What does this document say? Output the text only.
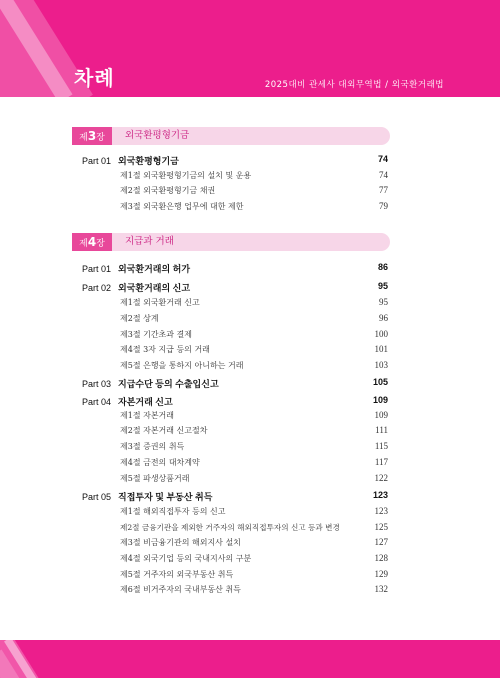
차례	2025대비 관세사 대외무역법 / 외국환거래법
제3장	외국환평형기금
Part 01 외국환평형기금	74
제1절 외국환평형기금의 설치 및 운용	74
제2절 외국환평형기금 채권	77
제3절 외국환은행 업무에 대한 제한	79
제4장	지급과 거래
Part 01 외국환거래의 허가	86
Part 02 외국환거래의 신고	95
제1절 외국환거래 신고	95
제2절 상계	96
제3절 기간초과 결제	100
제4절 3자 지급 등의 거래	101
제5절 은행을 통하지 아니하는 거래	103
Part 03 지급수단 등의 수출입신고	105
Part 04 자본거래 신고	109
제1절 자본거래	109
제2절 자본거래 신고절차	111
제3절 증권의 취득	115
제4절 금전의 대차계약	117
제5절 파생상품거래	122
Part 05 직접투자 및 부동산 취득	123
제1절 해외직접투자 등의 신고	123
제2절 금융기관을 제외한 거주자의 해외직접투자의 신고 등과 변경	125
제3절 비금융기관의 해외지사 설치	127
제4절 외국기업 등의 국내지사의 구분	128
제5절 거주자의 외국부동산 취득	129
제6절 비거주자의 국내부동산 취득	132
